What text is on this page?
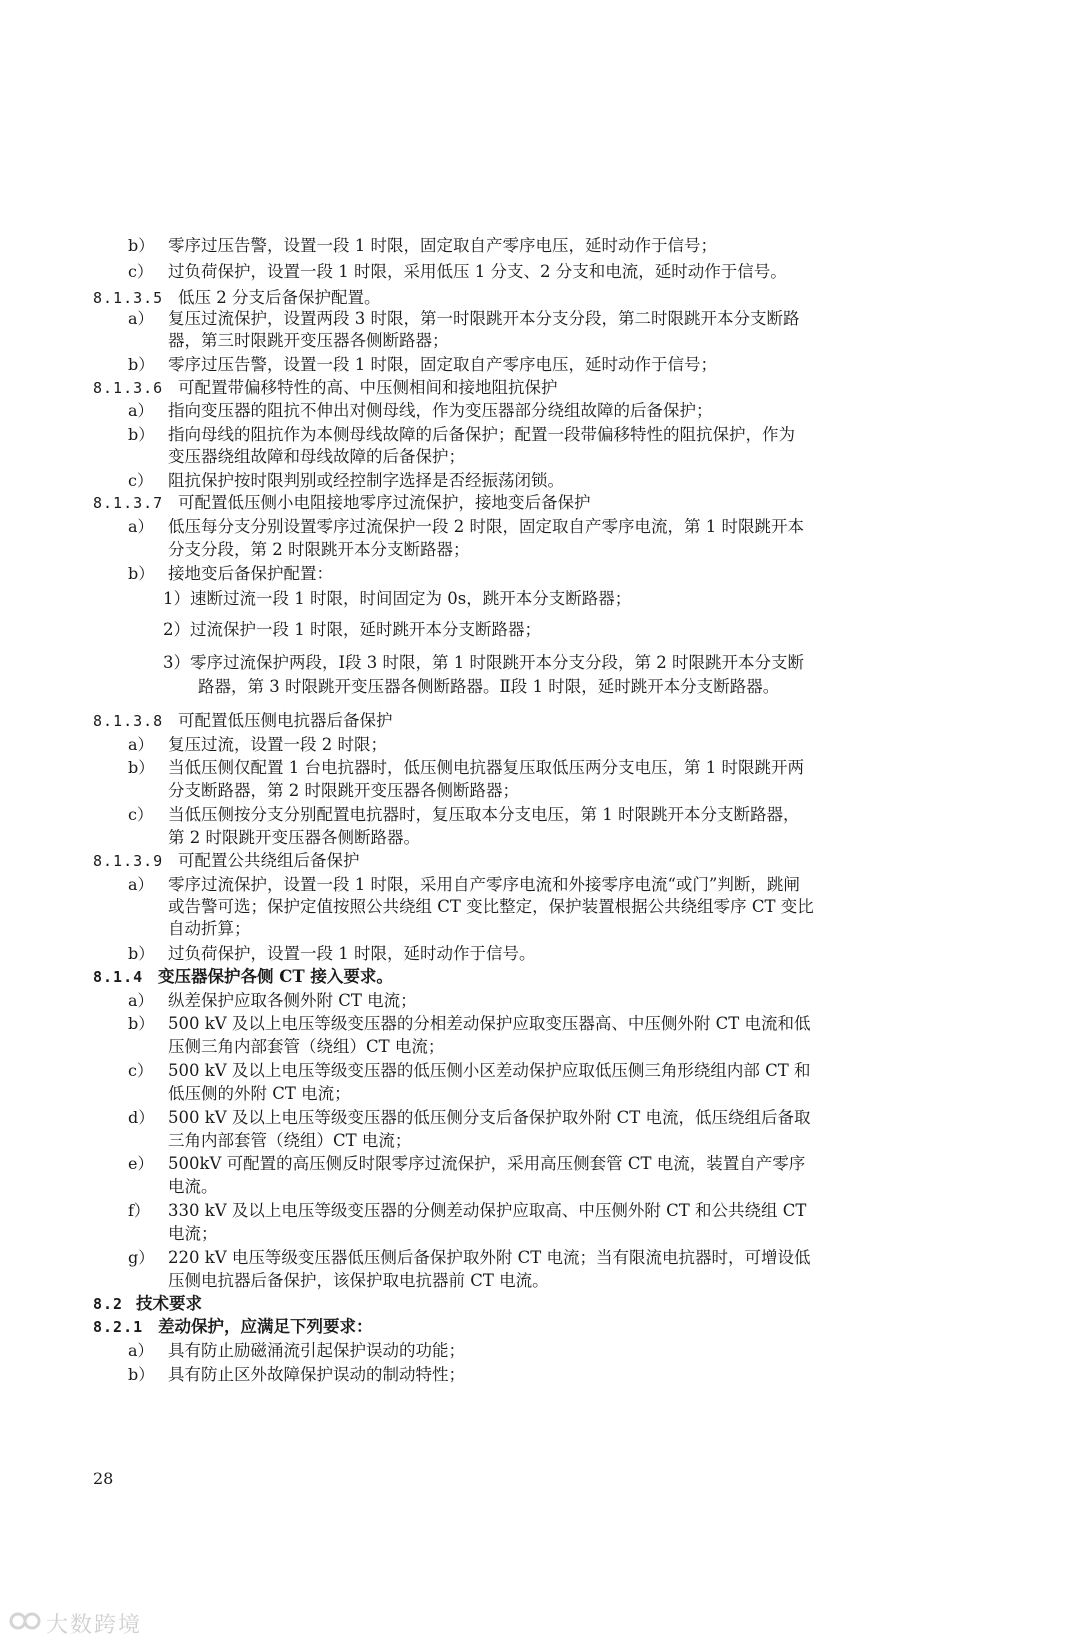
b） 零序过压告警，设置一段 1 时限，固定取自产零序电压，延时动作于信号；
c） 过负荷保护，设置一段 1 时限，采用低压 1 分支、2 分支和电流，延时动作于信号。
8.1.3.5 低压 2 分支后备保护配置。
a） 复压过流保护，设置两段 3 时限，第一时限跳开本分支分段，第二时限跳开本分支断路
器，第三时限跳开变压器各侧断路器；
b） 零序过压告警，设置一段 1 时限，固定取自产零序电压，延时动作于信号；
8.1.3.6 可配置带偏移特性的高、中压侧相间和接地阻抗保护
a） 指向变压器的阻抗不伸出对侧母线，作为变压器部分绕组故障的后备保护；
b） 指向母线的阻抗作为本侧母线故障的后备保护；配置一段带偏移特性的阻抗保护，作为
变压器绕组故障和母线故障的后备保护；
c） 阻抗保护按时限判别或经控制字选择是否经振荡闭锁。
8.1.3.7 可配置低压侧小电阻接地零序过流保护，接地变后备保护
a） 低压每分支分别设置零序过流保护一段 2 时限，固定取自产零序电流，第 1 时限跳开本
分支分段，第 2 时限跳开本分支断路器；
b） 接地变后备保护配置：
1）速断过流一段 1 时限，时间固定为 0s，跳开本分支断路器；
2）过流保护一段 1 时限，延时跳开本分支断路器；
3）零序过流保护两段，Ⅰ段 3 时限，第 1 时限跳开本分支分段，第 2 时限跳开本分支断
路器，第 3 时限跳开变压器各侧断路器。Ⅱ段 1 时限，延时跳开本分支断路器。
8.1.3.8 可配置低压侧电抗器后备保护
a） 复压过流，设置一段 2 时限；
b） 当低压侧仅配置 1 台电抗器时，低压侧电抗器复压取低压两分支电压，第 1 时限跳开两
分支断路器，第 2 时限跳开变压器各侧断路器；
c） 当低压侧按分支分别配置电抗器时，复压取本分支电压，第 1 时限跳开本分支断路器，
第 2 时限跳开变压器各侧断路器。
8.1.3.9 可配置公共绕组后备保护
a） 零序过流保护，设置一段 1 时限，采用自产零序电流和外接零序电流“或门”判断，跳闸
或告警可选；保护定值按照公共绕组 CT 变比整定，保护装置根据公共绕组零序 CT 变比
自动折算；
b） 过负荷保护，设置一段 1 时限，延时动作于信号。
8.1.4 变压器保护各侧 CT 接入要求。
a） 纵差保护应取各侧外附 CT 电流；
b） 500 kV 及以上电压等级变压器的分相差动保护应取变压器高、中压侧外附 CT 电流和低
压侧三角内部套管（绕组）CT 电流；
c） 500 kV 及以上电压等级变压器的低压侧小区差动保护应取低压侧三角形绕组内部 CT 和
低压侧的外附 CT 电流；
d） 500 kV 及以上电压等级变压器的低压侧分支后备保护取外附 CT 电流，低压绕组后备取
三角内部套管（绕组）CT 电流；
e） 500kV 可配置的高压侧反时限零序过流保护，采用高压侧套管 CT 电流，装置自产零序
电流。
f） 330 kV 及以上电压等级变压器的分侧差动保护应取高、中压侧外附 CT 和公共绕组 CT
电流；
g） 220 kV 电压等级变压器低压侧后备保护取外附 CT 电流；当有限流电抗器时，可增设低
压侧电抗器后备保护，该保护取电抗器前 CT 电流。
8.2 技术要求
8.2.1 差动保护，应满足下列要求：
a） 具有防止励磁涌流引起保护误动的功能；
b） 具有防止区外故障保护误动的制动特性；
28
大数跨境
